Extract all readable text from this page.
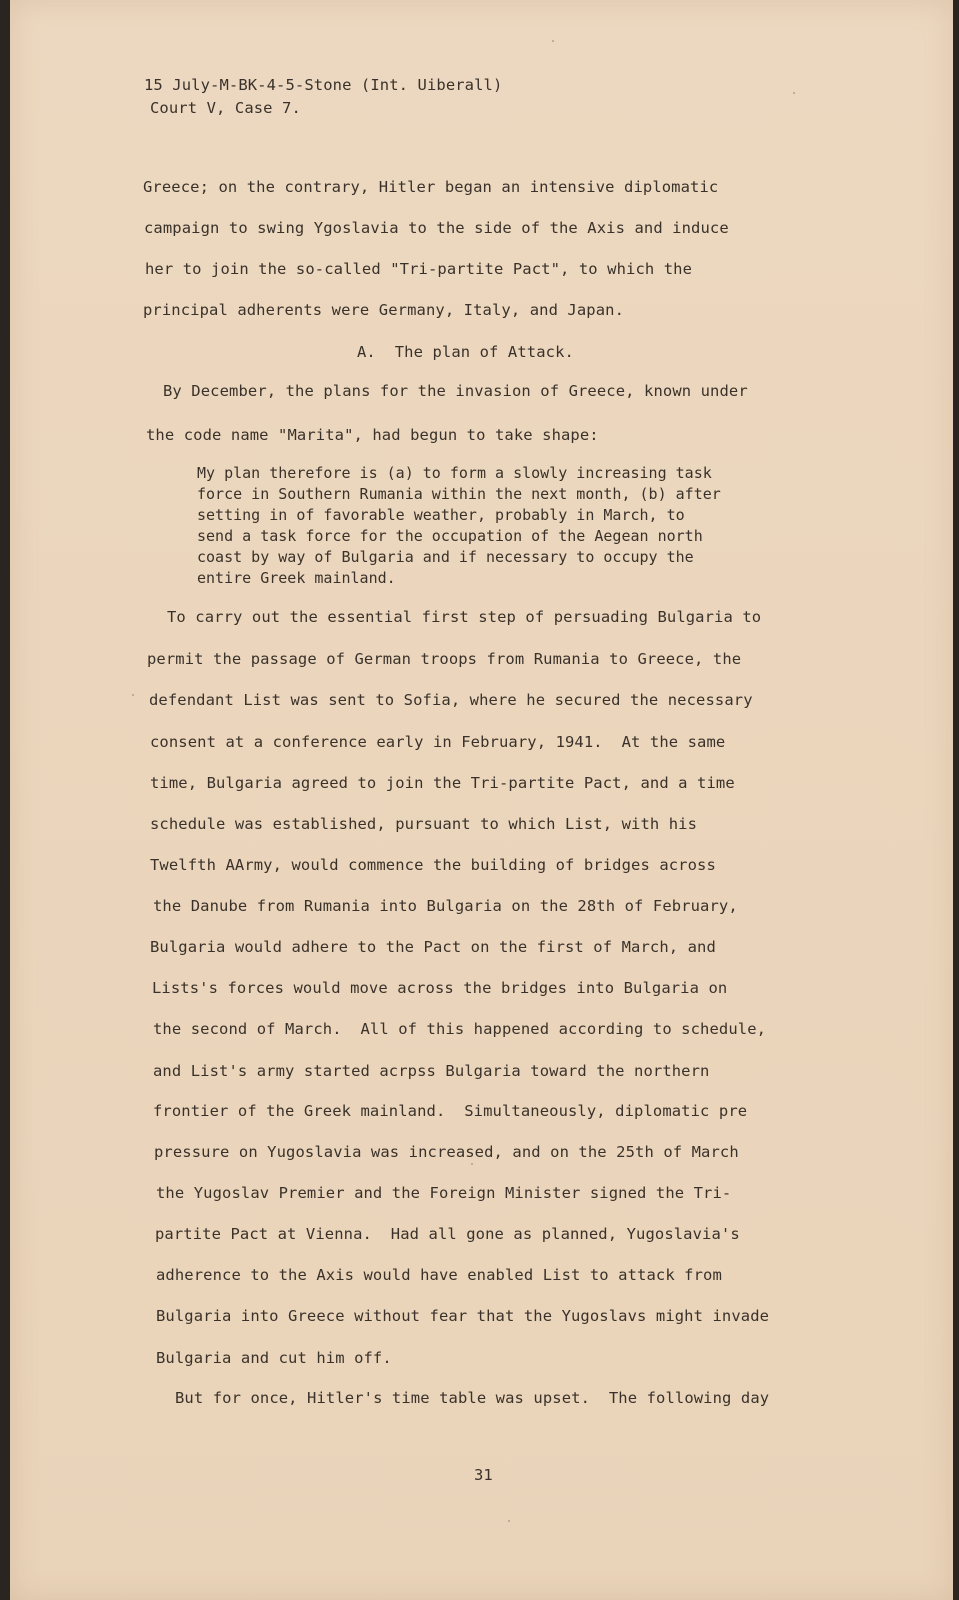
15 July-M-BK-4-5-Stone (Int. Uiberall)
Court V, Case 7.
Greece; on the contrary, Hitler began an intensive diplomatic
campaign to swing Ygoslavia to the side of the Axis and induce
her to join the so-called "Tri-partite Pact", to which the
principal adherents were Germany, Italy, and Japan.
A.  The plan of Attack.
By December, the plans for the invasion of Greece, known under
the code name "Marita", had begun to take shape:
My plan therefore is (a) to form a slowly increasing task
force in Southern Rumania within the next month, (b) after
setting in of favorable weather, probably in March, to
send a task force for the occupation of the Aegean north
coast by way of Bulgaria and if necessary to occupy the
entire Greek mainland.
To carry out the essential first step of persuading Bulgaria to
permit the passage of German troops from Rumania to Greece, the
defendant List was sent to Sofia, where he secured the necessary
consent at a conference early in February, 1941.  At the same
time, Bulgaria agreed to join the Tri-partite Pact, and a time
schedule was established, pursuant to which List, with his
Twelfth AArmy, would commence the building of bridges across
the Danube from Rumania into Bulgaria on the 28th of February,
Bulgaria would adhere to the Pact on the first of March, and
Lists's forces would move across the bridges into Bulgaria on
the second of March.  All of this happened according to schedule,
and List's army started acrpss Bulgaria toward the northern
frontier of the Greek mainland.  Simultaneously, diplomatic pre
pressure on Yugoslavia was increased, and on the 25th of March
the Yugoslav Premier and the Foreign Minister signed the Tri-
partite Pact at Vienna.  Had all gone as planned, Yugoslavia's
adherence to the Axis would have enabled List to attack from
Bulgaria into Greece without fear that the Yugoslavs might invade
Bulgaria and cut him off.
But for once, Hitler's time table was upset.  The following day
31
